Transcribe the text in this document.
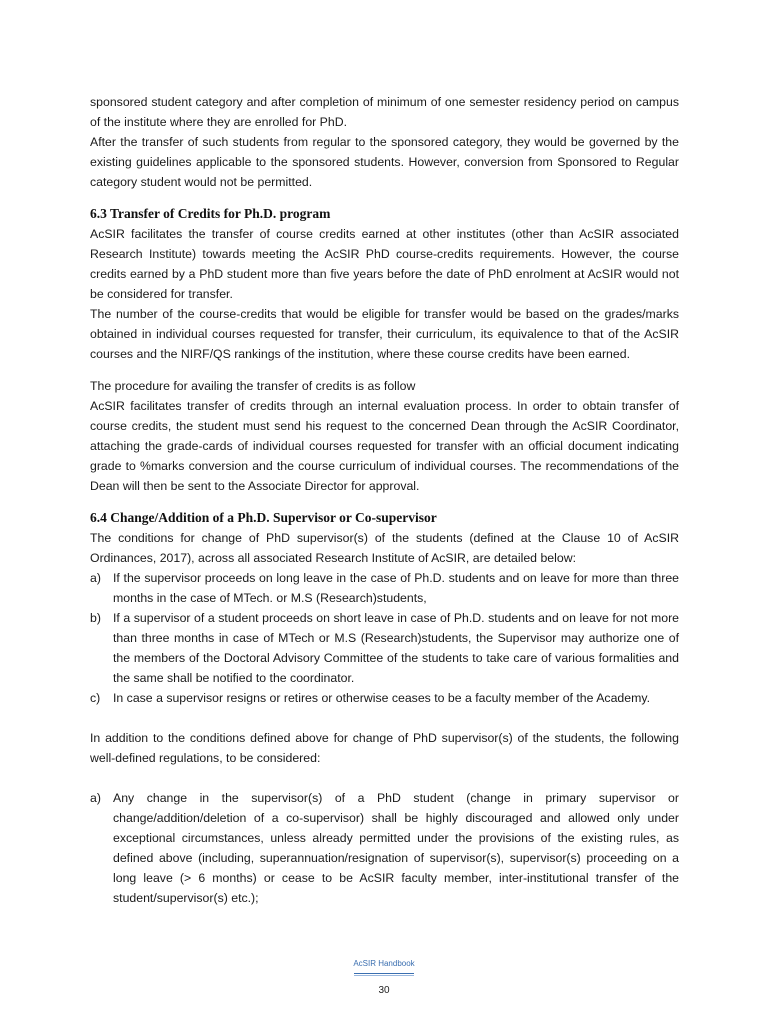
sponsored student category and after completion of minimum of one semester residency period on campus of the institute where they are enrolled for PhD.

After the transfer of such students from regular to the sponsored category, they would be governed by the existing guidelines applicable to the sponsored students. However, conversion from Sponsored to Regular category student would not be permitted.

6.3 Transfer of Credits for Ph.D. program

AcSIR facilitates the transfer of course credits earned at other institutes (other than AcSIR associated Research Institute) towards meeting the AcSIR PhD course-credits requirements. However, the course credits earned by a PhD student more than five years before the date of PhD enrolment at AcSIR would not be considered for transfer.

The number of the course-credits that would be eligible for transfer would be based on the grades/marks obtained in individual courses requested for transfer, their curriculum, its equivalence to that of the AcSIR courses and the NIRF/QS rankings of the institution, where these course credits have been earned.

The procedure for availing the transfer of credits is as follow

AcSIR facilitates transfer of credits through an internal evaluation process. In order to obtain transfer of course credits, the student must send his request to the concerned Dean through the AcSIR Coordinator, attaching the grade-cards of individual courses requested for transfer with an official document indicating grade to %marks conversion and the course curriculum of individual courses. The recommendations of the Dean will then be sent to the Associate Director for approval.

6.4 Change/Addition of a Ph.D. Supervisor or Co-supervisor

The conditions for change of PhD supervisor(s) of the students (defined at the Clause 10 of AcSIR Ordinances, 2017), across all associated Research Institute of AcSIR, are detailed below:

a) If the supervisor proceeds on long leave in the case of Ph.D. students and on leave for more than three months in the case of MTech. or M.S (Research)students,
b) If a supervisor of a student proceeds on short leave in case of Ph.D. students and on leave for not more than three months in case of MTech or M.S (Research)students, the Supervisor may authorize one of the members of the Doctoral Advisory Committee of the students to take care of various formalities and the same shall be notified to the coordinator.
c) In case a supervisor resigns or retires or otherwise ceases to be a faculty member of the Academy.

In addition to the conditions defined above for change of PhD supervisor(s) of the students, the following well-defined regulations, to be considered:

a) Any change in the supervisor(s) of a PhD student (change in primary supervisor or change/addition/deletion of a co-supervisor) shall be highly discouraged and allowed only under exceptional circumstances, unless already permitted under the provisions of the existing rules, as defined above (including, superannuation/resignation of supervisor(s), supervisor(s) proceeding on a long leave (> 6 months) or cease to be AcSIR faculty member, inter-institutional transfer of the student/supervisor(s) etc.);
AcSIR Handbook
30
